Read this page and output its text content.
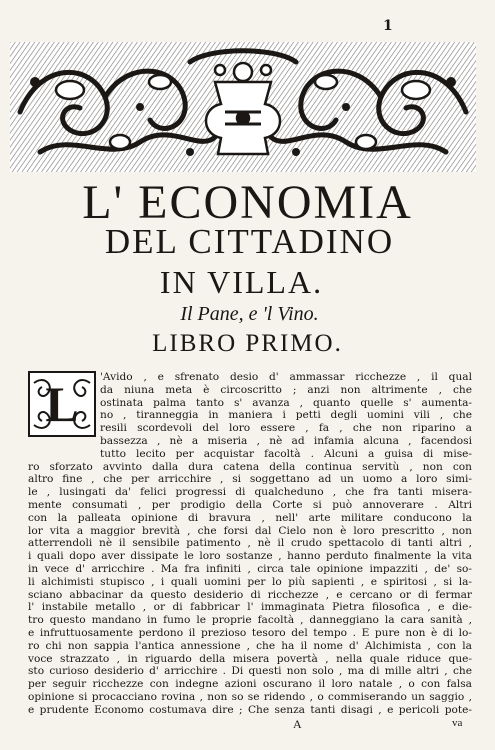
1
L' ECONOMIA
DEL CITTADINO
IN VILLA.
Il Pane, e 'l Vino.
LIBRO PRIMO.
L	'Avido , e sfrenato desio d' ammassar ricchezze , il qual
da niuna meta è circoscritto ; anzi non altrimente , che
ostinata palma tanto s' avanza , quanto quelle s' aumenta-
no , tiranneggia in maniera i petti degli uomini vili , che
resili scordevoli del loro essere , fa , che non riparino a
bassezza , nè a miseria , nè ad infamia alcuna , facendosi
tutto lecito per acquistar facoltà . Alcuni a guisa di mise-
ro sforzato avvinto dalla dura catena della continua servitù , non con
altro fine , che per arricchire , si soggettano ad un uomo a loro simi-
le , lusingati da' felici progressi di qualcheduno , che fra tanti misera-
mente consumati , per prodigio della Corte si può annoverare . Altri
con la palleata opinione di bravura , nell' arte militare conducono la
lor vita a maggior brevità , che forsi dal Cielo non è loro prescritto , non
atterrendoli nè il sensibile patimento , nè il crudo spettacolo di tanti altri ,
i quali dopo aver dissipate le loro sostanze , hanno perduto finalmente la vita
in vece d' arricchire . Ma fra infiniti , circa tale opinione impazziti , de' so-
li alchimisti stupisco , i quali uomini per lo più sapienti , e spiritosi , si la-
sciano abbacinar da questo desiderio di ricchezze , e cercano or di fermar
l' instabile metallo , or di fabbricar l' immaginata Pietra filosofica , e die-
tro questo mandano in fumo le proprie facoltà , danneggiano la cara sanità ,
e infruttuosamente perdono il prezioso tesoro del tempo . E pure non è di lo-
ro chi non sappia l'antica annessione , che ha il nome d' Alchimista , con la
voce strazzato , in riguardo della misera povertà , nella quale riduce que-
sto curioso desiderio d' arricchire . Di questi non solo , ma di mille altri , che
per seguir ricchezze con indegne azioni oscurano il loro natale , o con falsa
opinione si procacciano rovina , non so se ridendo , o commiserando un saggio ,
e prudente Economo costumava dire ; Che senza tanti disagi , e pericoli pote-
A	va
